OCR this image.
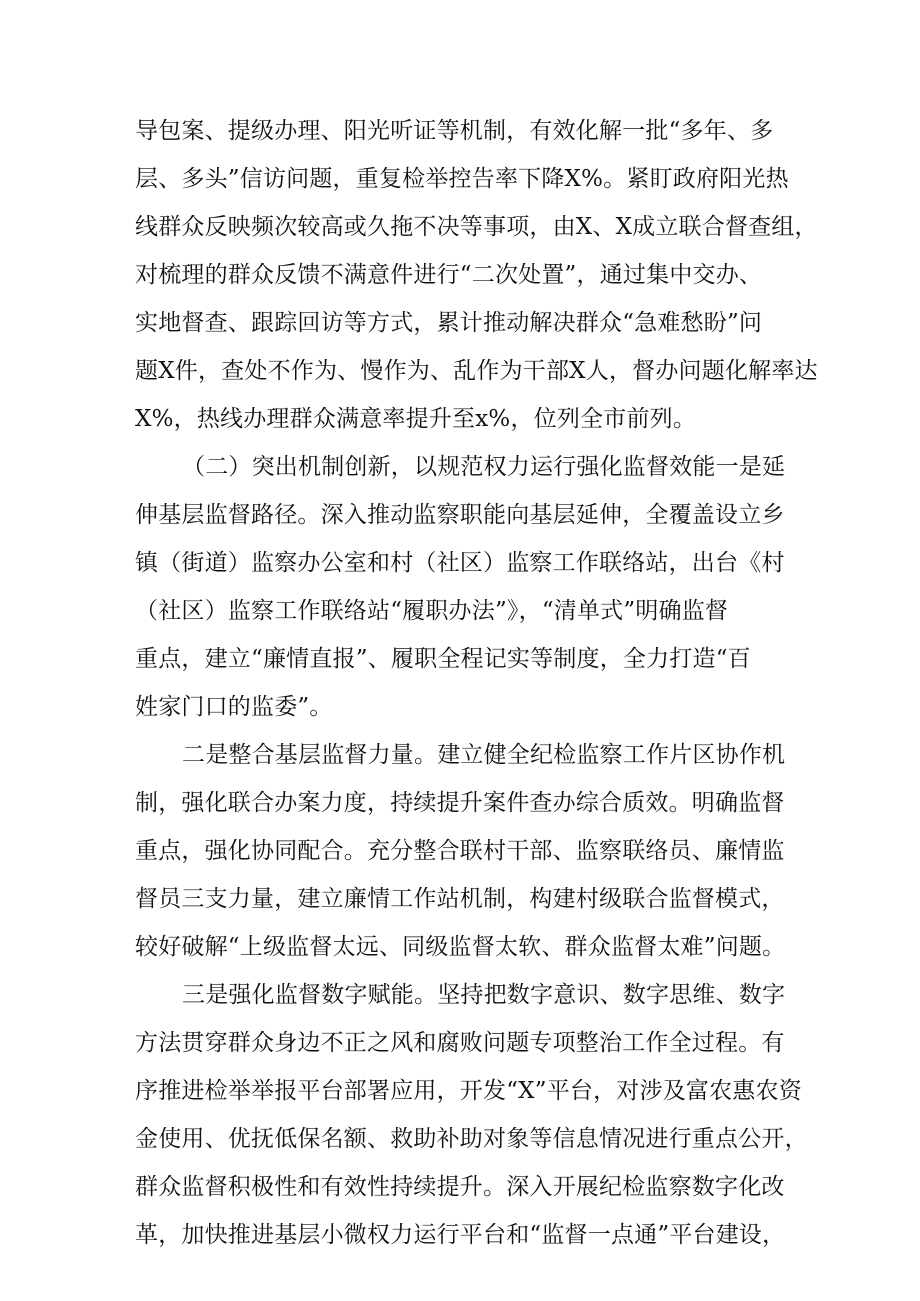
导包案、提级办理、阳光听证等机制，有效化解一批“多年、多
层、多头”信访问题，重复检举控告率下降X%。紧盯政府阳光热
线群众反映频次较高或久拖不决等事项，由X、X成立联合督查组，
对梳理的群众反馈不满意件进行“二次处置”，通过集中交办、
实地督查、跟踪回访等方式，累计推动解决群众“急难愁盼”问
题X件，查处不作为、慢作为、乱作为干部X人，督办问题化解率达
X%，热线办理群众满意率提升至x%，位列全市前列。
（二）突出机制创新，以规范权力运行强化监督效能一是延
伸基层监督路径。深入推动监察职能向基层延伸，全覆盖设立乡
镇（街道）监察办公室和村（社区）监察工作联络站，出台《村
（社区）监察工作联络站“履职办法”》，“清单式”明确监督
重点，建立“廉情直报”、履职全程记实等制度，全力打造“百
姓家门口的监委”。
二是整合基层监督力量。建立健全纪检监察工作片区协作机
制，强化联合办案力度，持续提升案件查办综合质效。明确监督
重点，强化协同配合。充分整合联村干部、监察联络员、廉情监
督员三支力量，建立廉情工作站机制，构建村级联合监督模式，
较好破解“上级监督太远、同级监督太软、群众监督太难”问题。
三是强化监督数字赋能。坚持把数字意识、数字思维、数字
方法贯穿群众身边不正之风和腐败问题专项整治工作全过程。有
序推进检举举报平台部署应用，开发“X”平台，对涉及富农惠农资
金使用、优抚低保名额、救助补助对象等信息情况进行重点公开，
群众监督积极性和有效性持续提升。深入开展纪检监察数字化改
革，加快推进基层小微权力运行平台和“监督一点通”平台建设，
